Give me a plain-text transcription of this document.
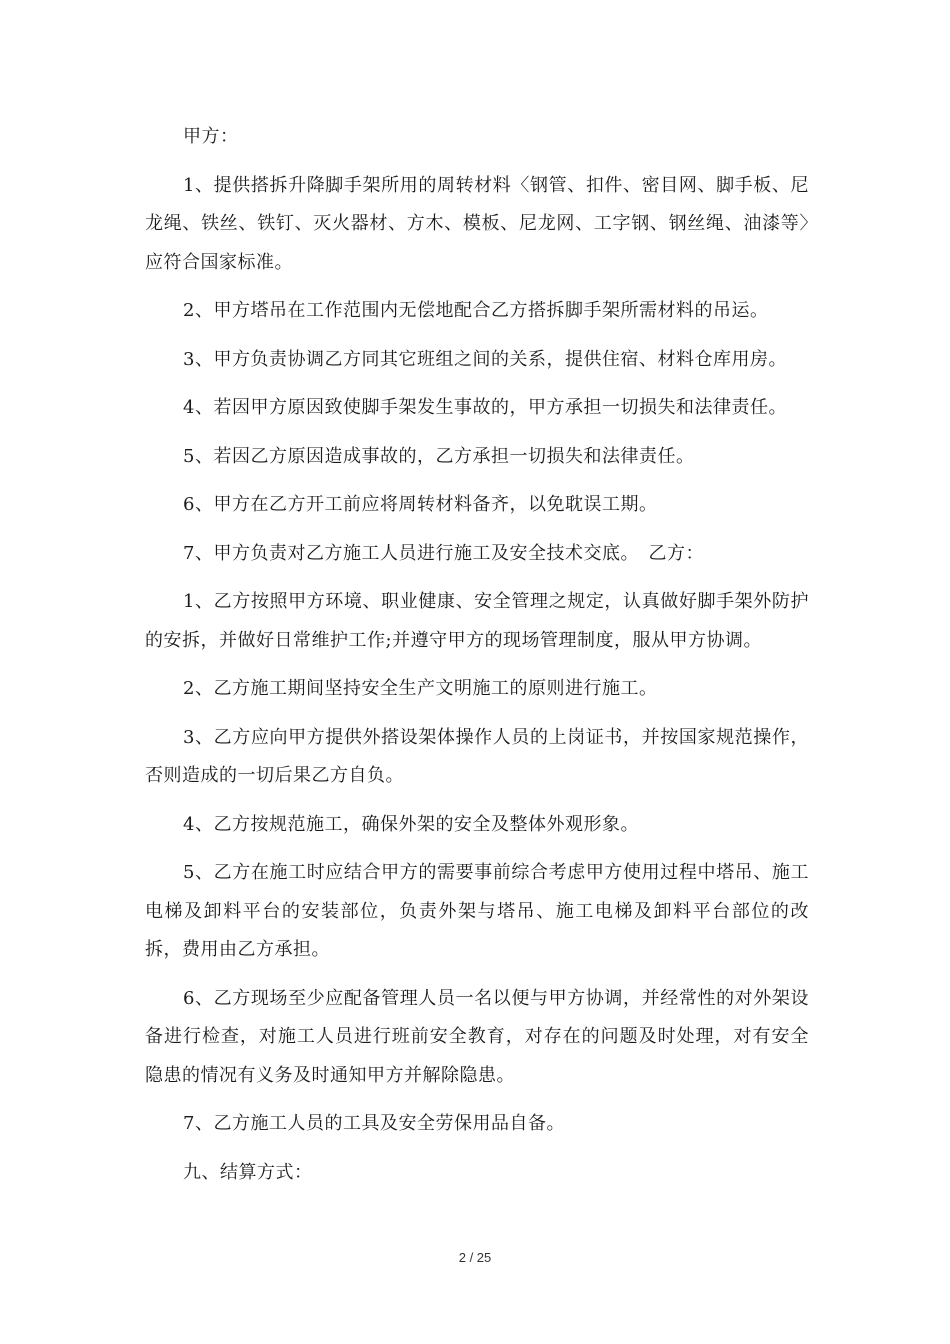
甲方：

1、提供搭拆升降脚手架所用的周转材料〈钢管、扣件、密目网、脚手板、尼龙绳、铁丝、铁钉、灭火器材、方木、模板、尼龙网、工字钢、钢丝绳、油漆等〉应符合国家标准。

2、甲方塔吊在工作范围内无偿地配合乙方搭拆脚手架所需材料的吊运。

3、甲方负责协调乙方同其它班组之间的关系，提供住宿、材料仓库用房。

4、若因甲方原因致使脚手架发生事故的，甲方承担一切损失和法律责任。

5、若因乙方原因造成事故的，乙方承担一切损失和法律责任。

6、甲方在乙方开工前应将周转材料备齐，以免耽误工期。

7、甲方负责对乙方施工人员进行施工及安全技术交底。　乙方：

1、乙方按照甲方环境、职业健康、安全管理之规定，认真做好脚手架外防护的安拆，并做好日常维护工作;并遵守甲方的现场管理制度，服从甲方协调。

2、乙方施工期间坚持安全生产文明施工的原则进行施工。

3、乙方应向甲方提供外搭设架体操作人员的上岗证书，并按国家规范操作，否则造成的一切后果乙方自负。

4、乙方按规范施工，确保外架的安全及整体外观形象。

5、乙方在施工时应结合甲方的需要事前综合考虑甲方使用过程中塔吊、施工电梯及卸料平台的安装部位，负责外架与塔吊、施工电梯及卸料平台部位的改拆，费用由乙方承担。

6、乙方现场至少应配备管理人员一名以便与甲方协调，并经常性的对外架设备进行检查，对施工人员进行班前安全教育，对存在的问题及时处理，对有安全隐患的情况有义务及时通知甲方并解除隐患。

7、乙方施工人员的工具及安全劳保用品自备。

九、结算方式：

2 / 25
